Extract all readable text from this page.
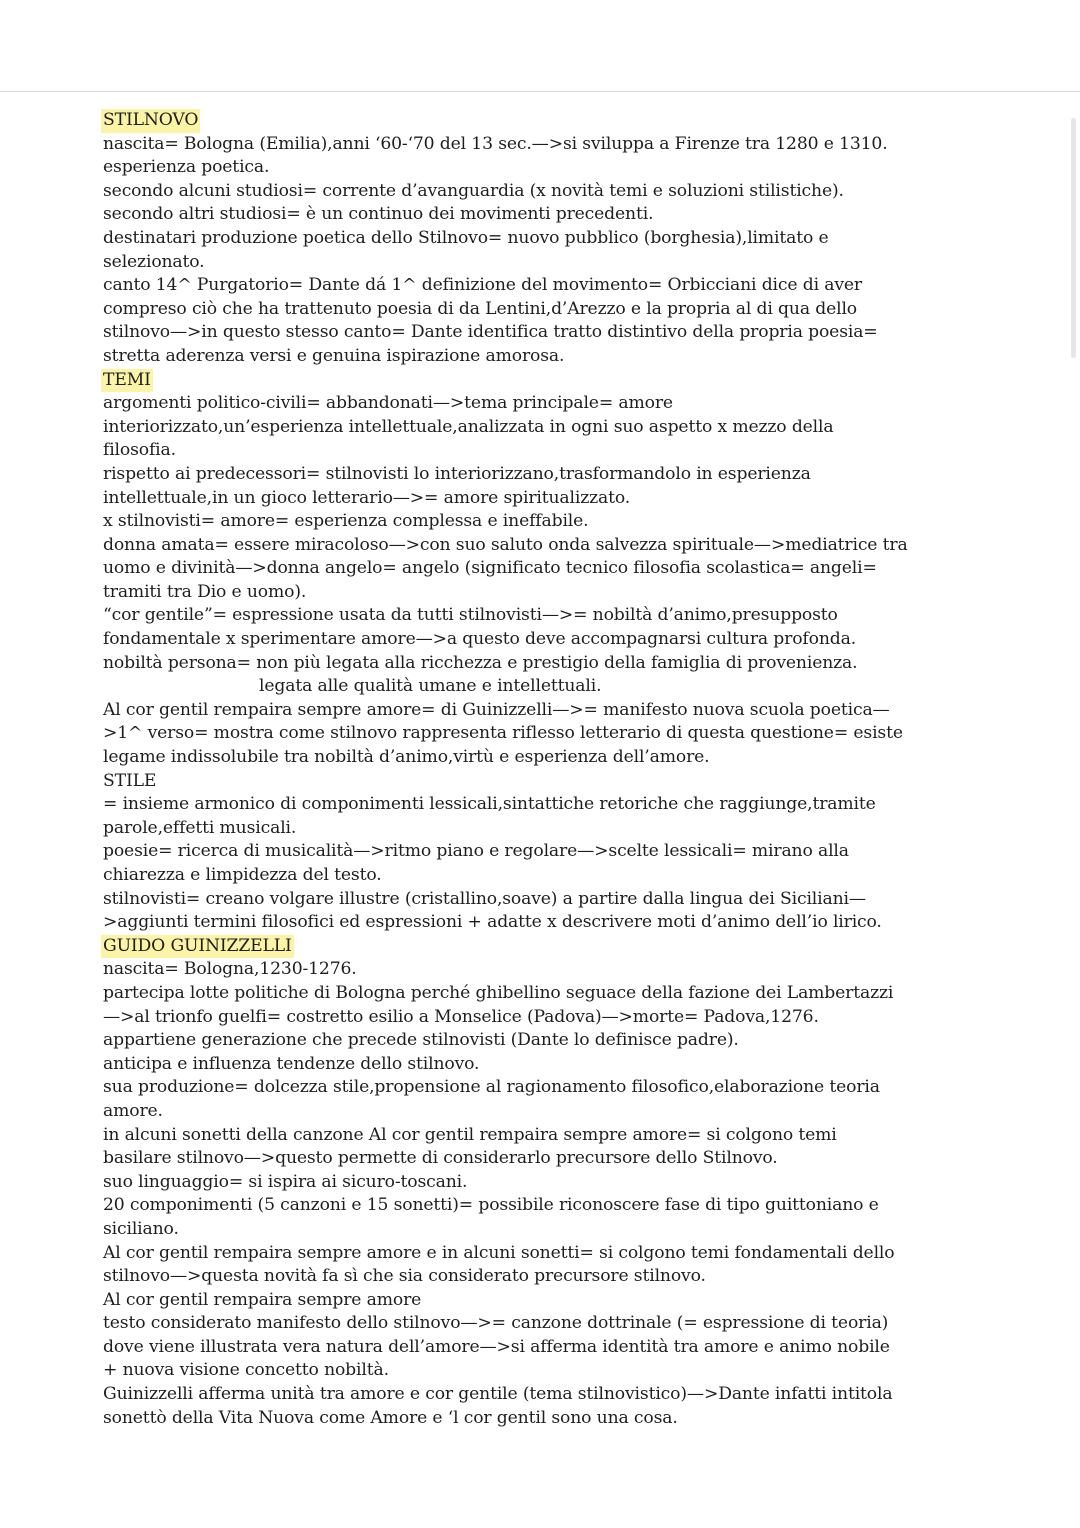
STILNOVO
nascita= Bologna (Emilia),anni ‘60-‘70 del 13 sec.—>si sviluppa a Firenze tra 1280 e 1310.
esperienza poetica.
secondo alcuni studiosi= corrente d’avanguardia (x novità temi e soluzioni stilistiche).
secondo altri studiosi= è un continuo dei movimenti precedenti.
destinatari produzione poetica dello Stilnovo= nuovo pubblico (borghesia),limitato e
selezionato.
canto 14^ Purgatorio= Dante dá 1^ definizione del movimento= Orbicciani dice di aver
compreso ciò che ha trattenuto poesia di da Lentini,d’Arezzo e la propria al di qua dello
stilnovo—>in questo stesso canto= Dante identifica tratto distintivo della propria poesia=
stretta aderenza versi e genuina ispirazione amorosa.
TEMI
argomenti politico-civili= abbandonati—>tema principale= amore
interiorizzato,un’esperienza intellettuale,analizzata in ogni suo aspetto x mezzo della
filosofia.
rispetto ai predecessori= stilnovisti lo interiorizzano,trasformandolo in esperienza
intellettuale,in un gioco letterario—>= amore spiritualizzato.
x stilnovisti= amore= esperienza complessa e ineffabile.
donna amata= essere miracoloso—>con suo saluto onda salvezza spirituale—>mediatrice tra
uomo e divinità—>donna angelo= angelo (significato tecnico filosofia scolastica= angeli=
tramiti tra Dio e uomo).
“cor gentile”= espressione usata da tutti stilnovisti—>= nobiltà d’animo,presupposto
fondamentale x sperimentare amore—>a questo deve accompagnarsi cultura profonda.
nobiltà persona= non più legata alla ricchezza e prestigio della famiglia di provenienza.
legata alle qualità umane e intellettuali.
Al cor gentil rempaira sempre amore= di Guinizzelli—>= manifesto nuova scuola poetica—
>1^ verso= mostra come stilnovo rappresenta riflesso letterario di questa questione= esiste
legame indissolubile tra nobiltà d’animo,virtù e esperienza dell’amore.
STILE
= insieme armonico di componimenti lessicali,sintattiche retoriche che raggiunge,tramite
parole,effetti musicali.
poesie= ricerca di musicalità—>ritmo piano e regolare—>scelte lessicali= mirano alla
chiarezza e limpidezza del testo.
stilnovisti= creano volgare illustre (cristallino,soave) a partire dalla lingua dei Siciliani—
>aggiunti termini filosofici ed espressioni + adatte x descrivere moti d’animo dell’io lirico.
GUIDO GUINIZZELLI
nascita= Bologna,1230-1276.
partecipa lotte politiche di Bologna perché ghibellino seguace della fazione dei Lambertazzi
—>al trionfo guelfi= costretto esilio a Monselice (Padova)—>morte= Padova,1276.
appartiene generazione che precede stilnovisti (Dante lo definisce padre).
anticipa e influenza tendenze dello stilnovo.
sua produzione= dolcezza stile,propensione al ragionamento filosofico,elaborazione teoria
amore.
in alcuni sonetti della canzone Al cor gentil rempaira sempre amore= si colgono temi
basilare stilnovo—>questo permette di considerarlo precursore dello Stilnovo.
suo linguaggio= si ispira ai sicuro-toscani.
20 componimenti (5 canzoni e 15 sonetti)= possibile riconoscere fase di tipo guittoniano e
siciliano.
Al cor gentil rempaira sempre amore e in alcuni sonetti= si colgono temi fondamentali dello
stilnovo—>questa novità fa sì che sia considerato precursore stilnovo.
Al cor gentil rempaira sempre amore
testo considerato manifesto dello stilnovo—>= canzone dottrinale (= espressione di teoria)
dove viene illustrata vera natura dell’amore—>si afferma identità tra amore e animo nobile
+ nuova visione concetto nobiltà.
Guinizzelli afferma unità tra amore e cor gentile (tema stilnovistico)—>Dante infatti intitola
sonettò della Vita Nuova come Amore e ‘l cor gentil sono una cosa.
